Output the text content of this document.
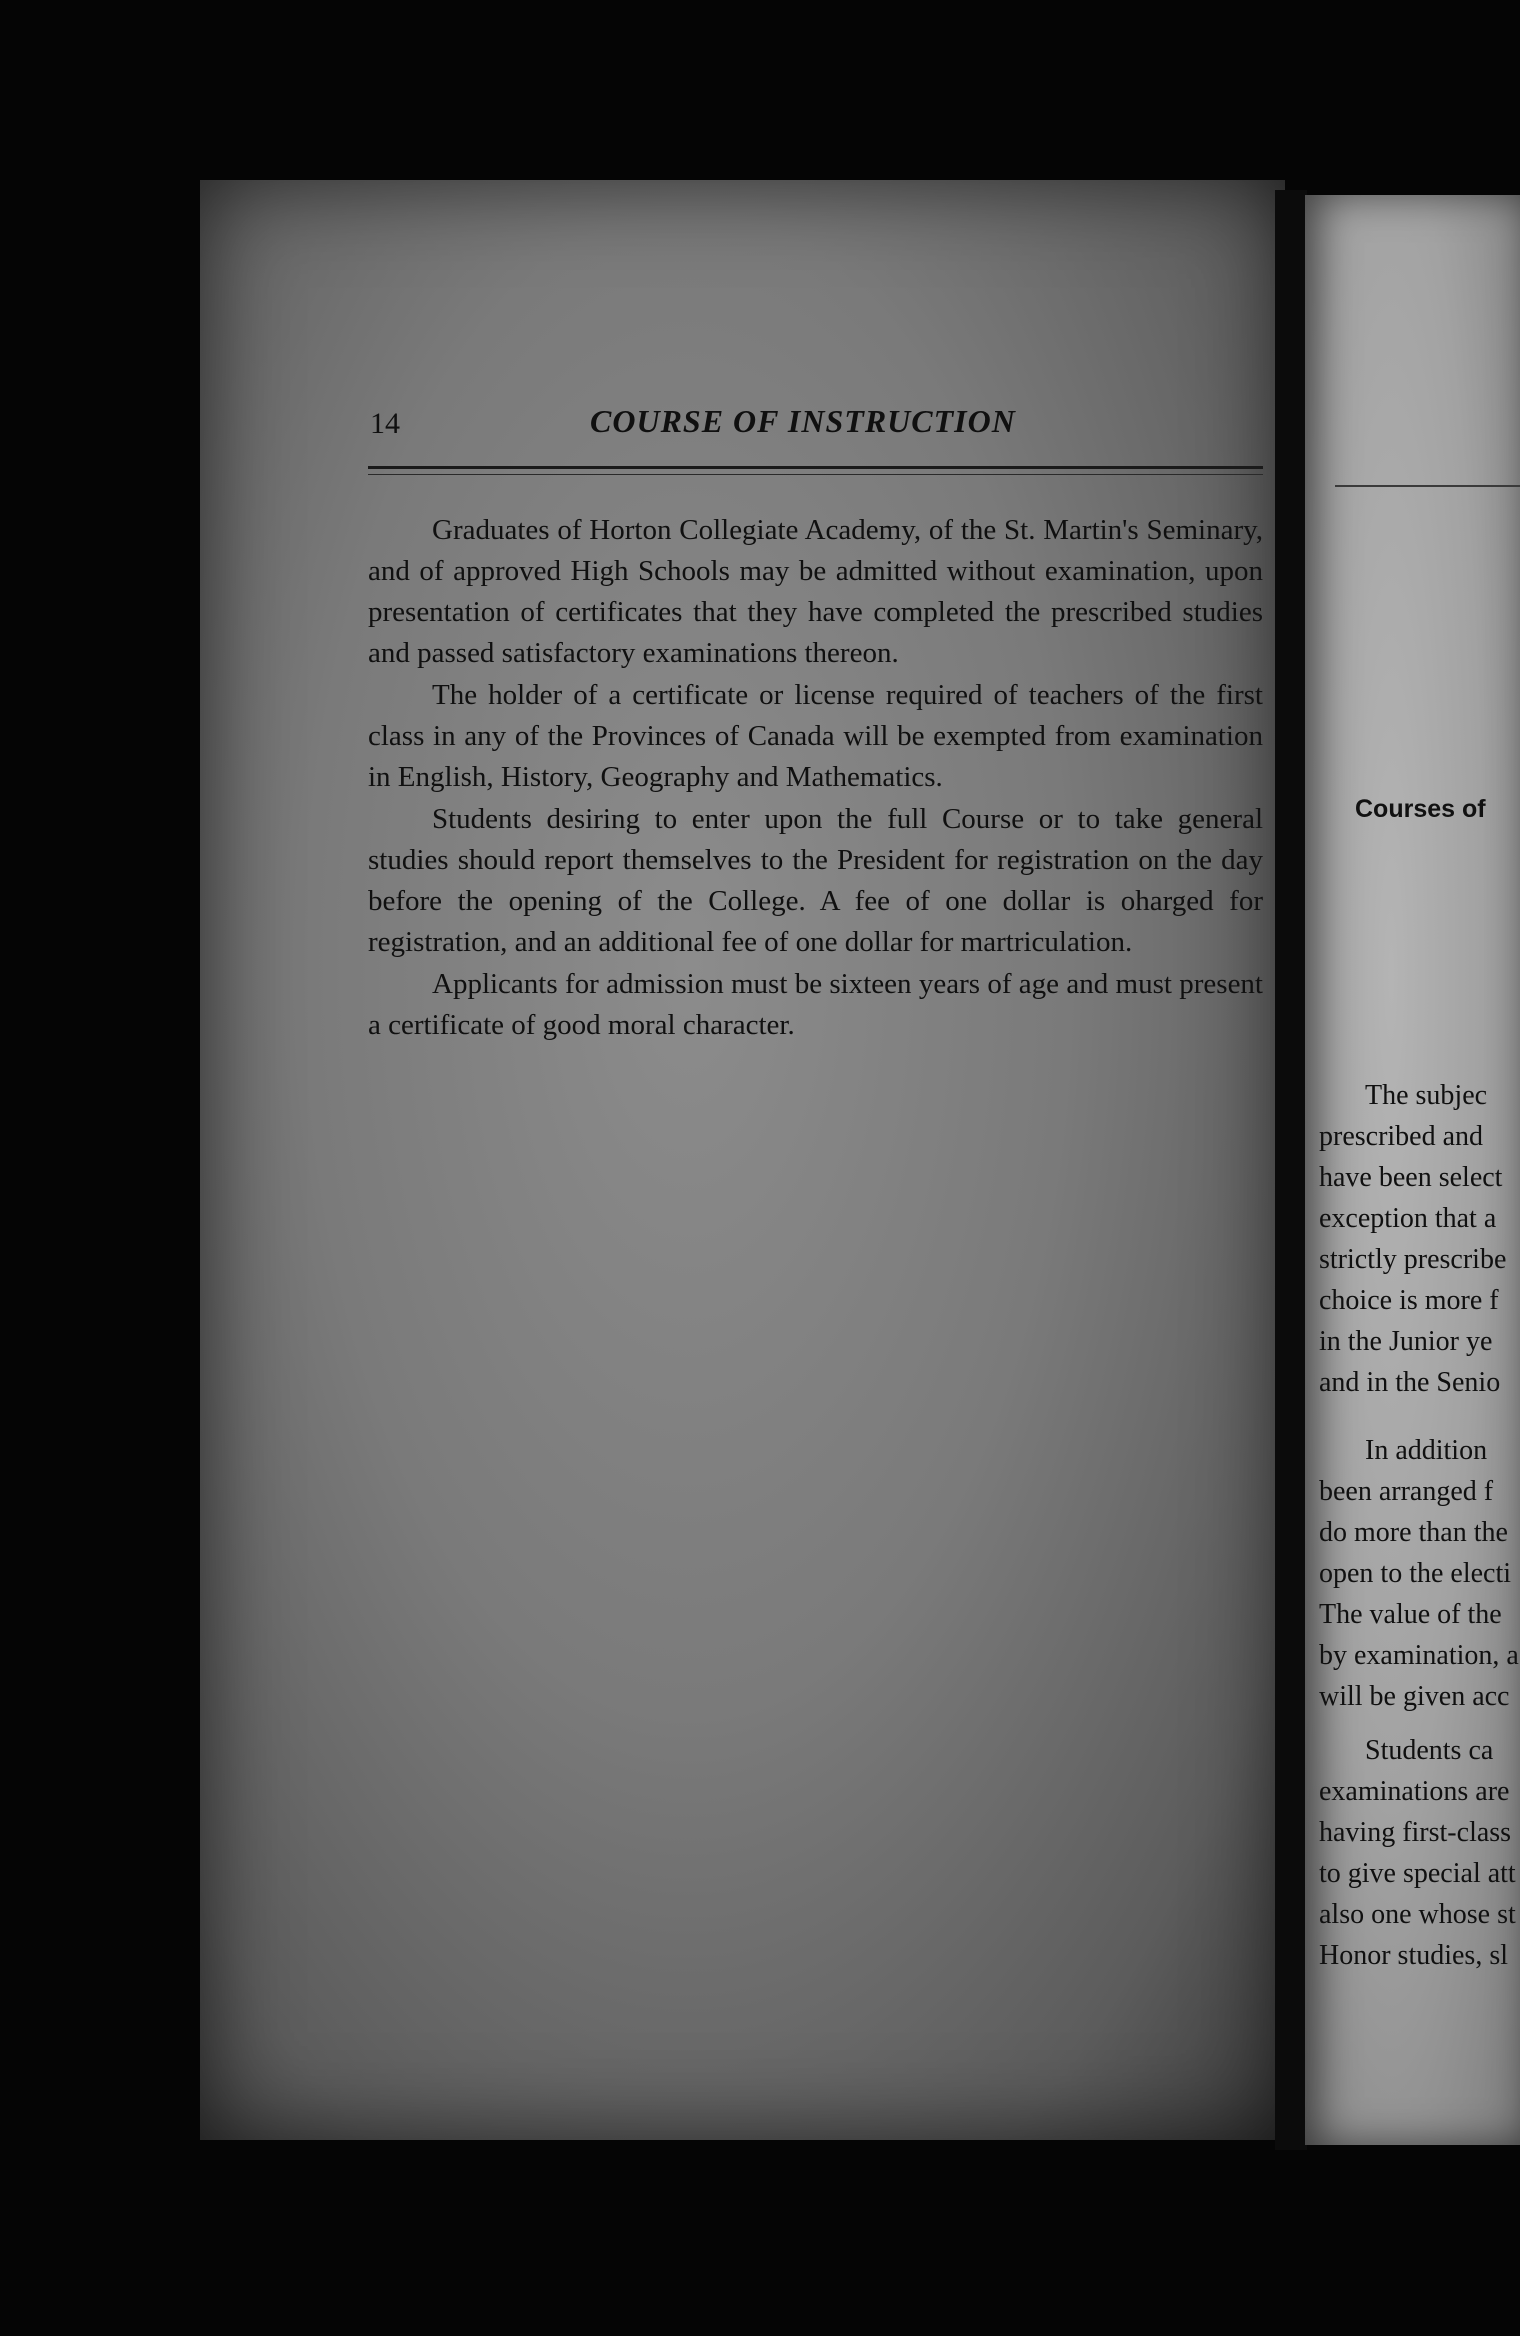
14	COURSE OF INSTRUCTION

Graduates of Horton Collegiate Academy, of the St. Martin's Seminary, and of approved High Schools may be admitted without examination, upon presentation of certificates that they have completed the prescribed studies and passed satisfactory examinations thereon.

The holder of a certificate or license required of teachers of the first class in any of the Provinces of Canada will be exempted from examination in English, History, Geography and Mathematics.

Students desiring to enter upon the full Course or to take general studies should report themselves to the President for registration on the day before the opening of the College. A fee of one dollar is oharged for registration, and an additional fee of one dollar for martriculation.

Applicants for admission must be sixteen years of age and must present a certificate of good moral character.

Courses of
The subjec
prescribed and
have been select
exception that a
strictly prescribe
choice is more f
in the Junior ye
and in the Senio
In addition
been arranged f
do more than the
open to the electi
The value of the
by examination, a
will be given acc
Students ca
examinations are
having first-class
to give special att
also one whose st
Honor studies, sl
